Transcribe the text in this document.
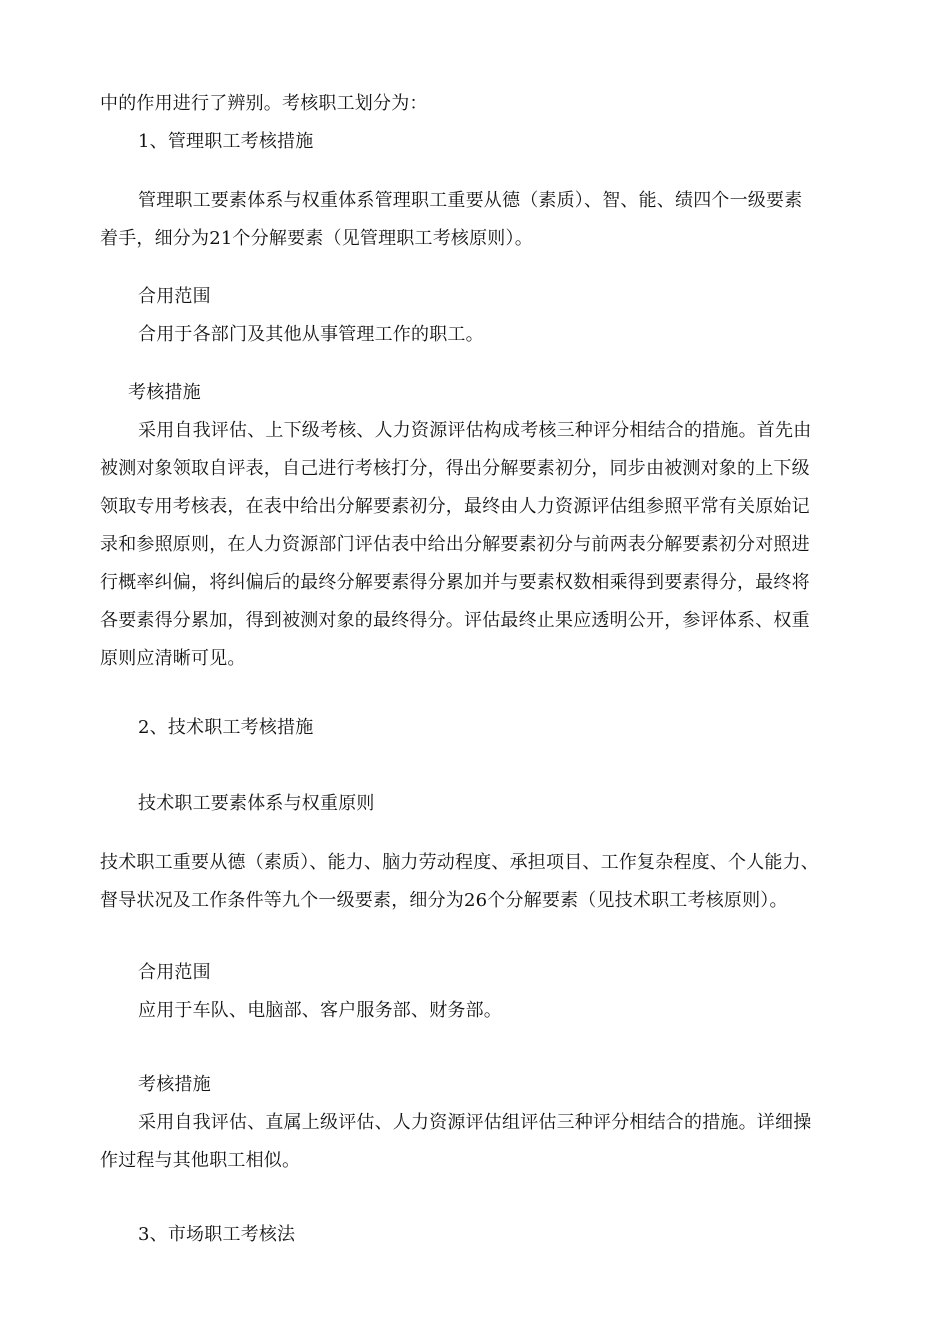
中的作用进行了辨别。考核职工划分为：
1、管理职工考核措施
管理职工要素体系与权重体系管理职工重要从德（素质）、智、能、绩四个一级要素
着手，细分为21个分解要素（见管理职工考核原则）。
合用范围
合用于各部门及其他从事管理工作的职工。
考核措施
采用自我评估、上下级考核、人力资源评估构成考核三种评分相结合的措施。首先由
被测对象领取自评表，自己进行考核打分，得出分解要素初分，同步由被测对象的上下级
领取专用考核表，在表中给出分解要素初分，最终由人力资源评估组参照平常有关原始记
录和参照原则，在人力资源部门评估表中给出分解要素初分与前两表分解要素初分对照进
行概率纠偏，将纠偏后的最终分解要素得分累加并与要素权数相乘得到要素得分，最终将
各要素得分累加，得到被测对象的最终得分。评估最终止果应透明公开，参评体系、权重
原则应清晰可见。
2、技术职工考核措施
技术职工要素体系与权重原则
技术职工重要从德（素质）、能力、脑力劳动程度、承担项目、工作复杂程度、个人能力、
督导状况及工作条件等九个一级要素，细分为26个分解要素（见技术职工考核原则）。
合用范围
应用于车队、电脑部、客户服务部、财务部。
考核措施
采用自我评估、直属上级评估、人力资源评估组评估三种评分相结合的措施。详细操
作过程与其他职工相似。
3、市场职工考核法
